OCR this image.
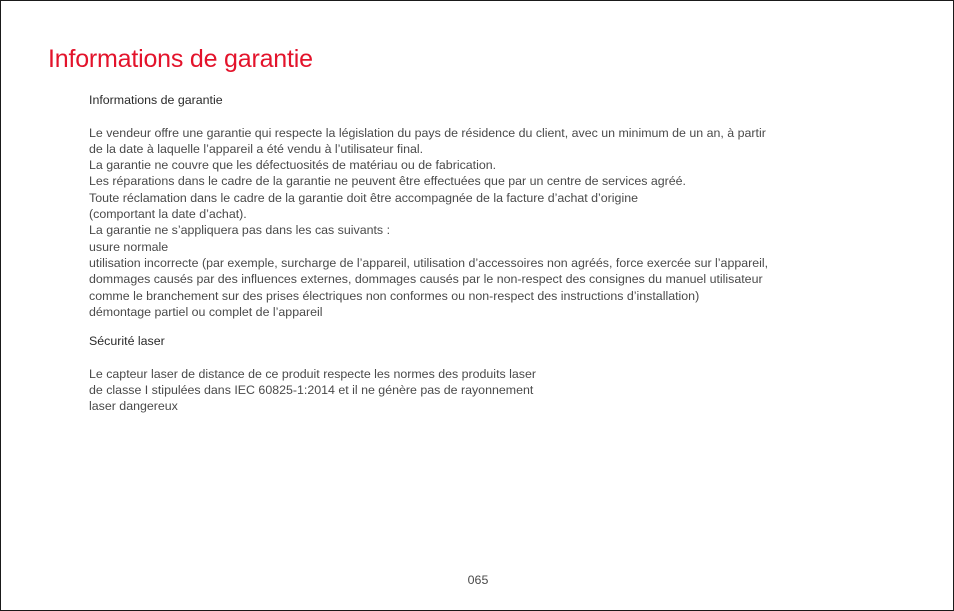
Informations de garantie
Informations de garantie
Le vendeur offre une garantie qui respecte la législation du pays de résidence du client, avec un minimum de un an, à partir
de la date à laquelle l’appareil a été vendu à l’utilisateur final.
La garantie ne couvre que les défectuosités de matériau ou de fabrication.
Les réparations dans le cadre de la garantie ne peuvent être effectuées que par un centre de services agréé.
Toute réclamation dans le cadre de la garantie doit être accompagnée de la facture d’achat d’origine
(comportant la date d’achat).
La garantie ne s’appliquera pas dans les cas suivants :
usure normale
utilisation incorrecte (par exemple, surcharge de l’appareil, utilisation d’accessoires non agréés, force exercée sur l’appareil,
dommages causés par des influences externes, dommages causés par le non-respect des consignes du manuel utilisateur
comme le branchement sur des prises électriques non conformes ou non-respect des instructions d’installation)
démontage partiel ou complet de l’appareil
Sécurité laser
Le capteur laser de distance de ce produit respecte les normes des produits laser
de classe I stipulées dans IEC 60825-1:2014 et il ne génère pas de rayonnement
laser dangereux
065
